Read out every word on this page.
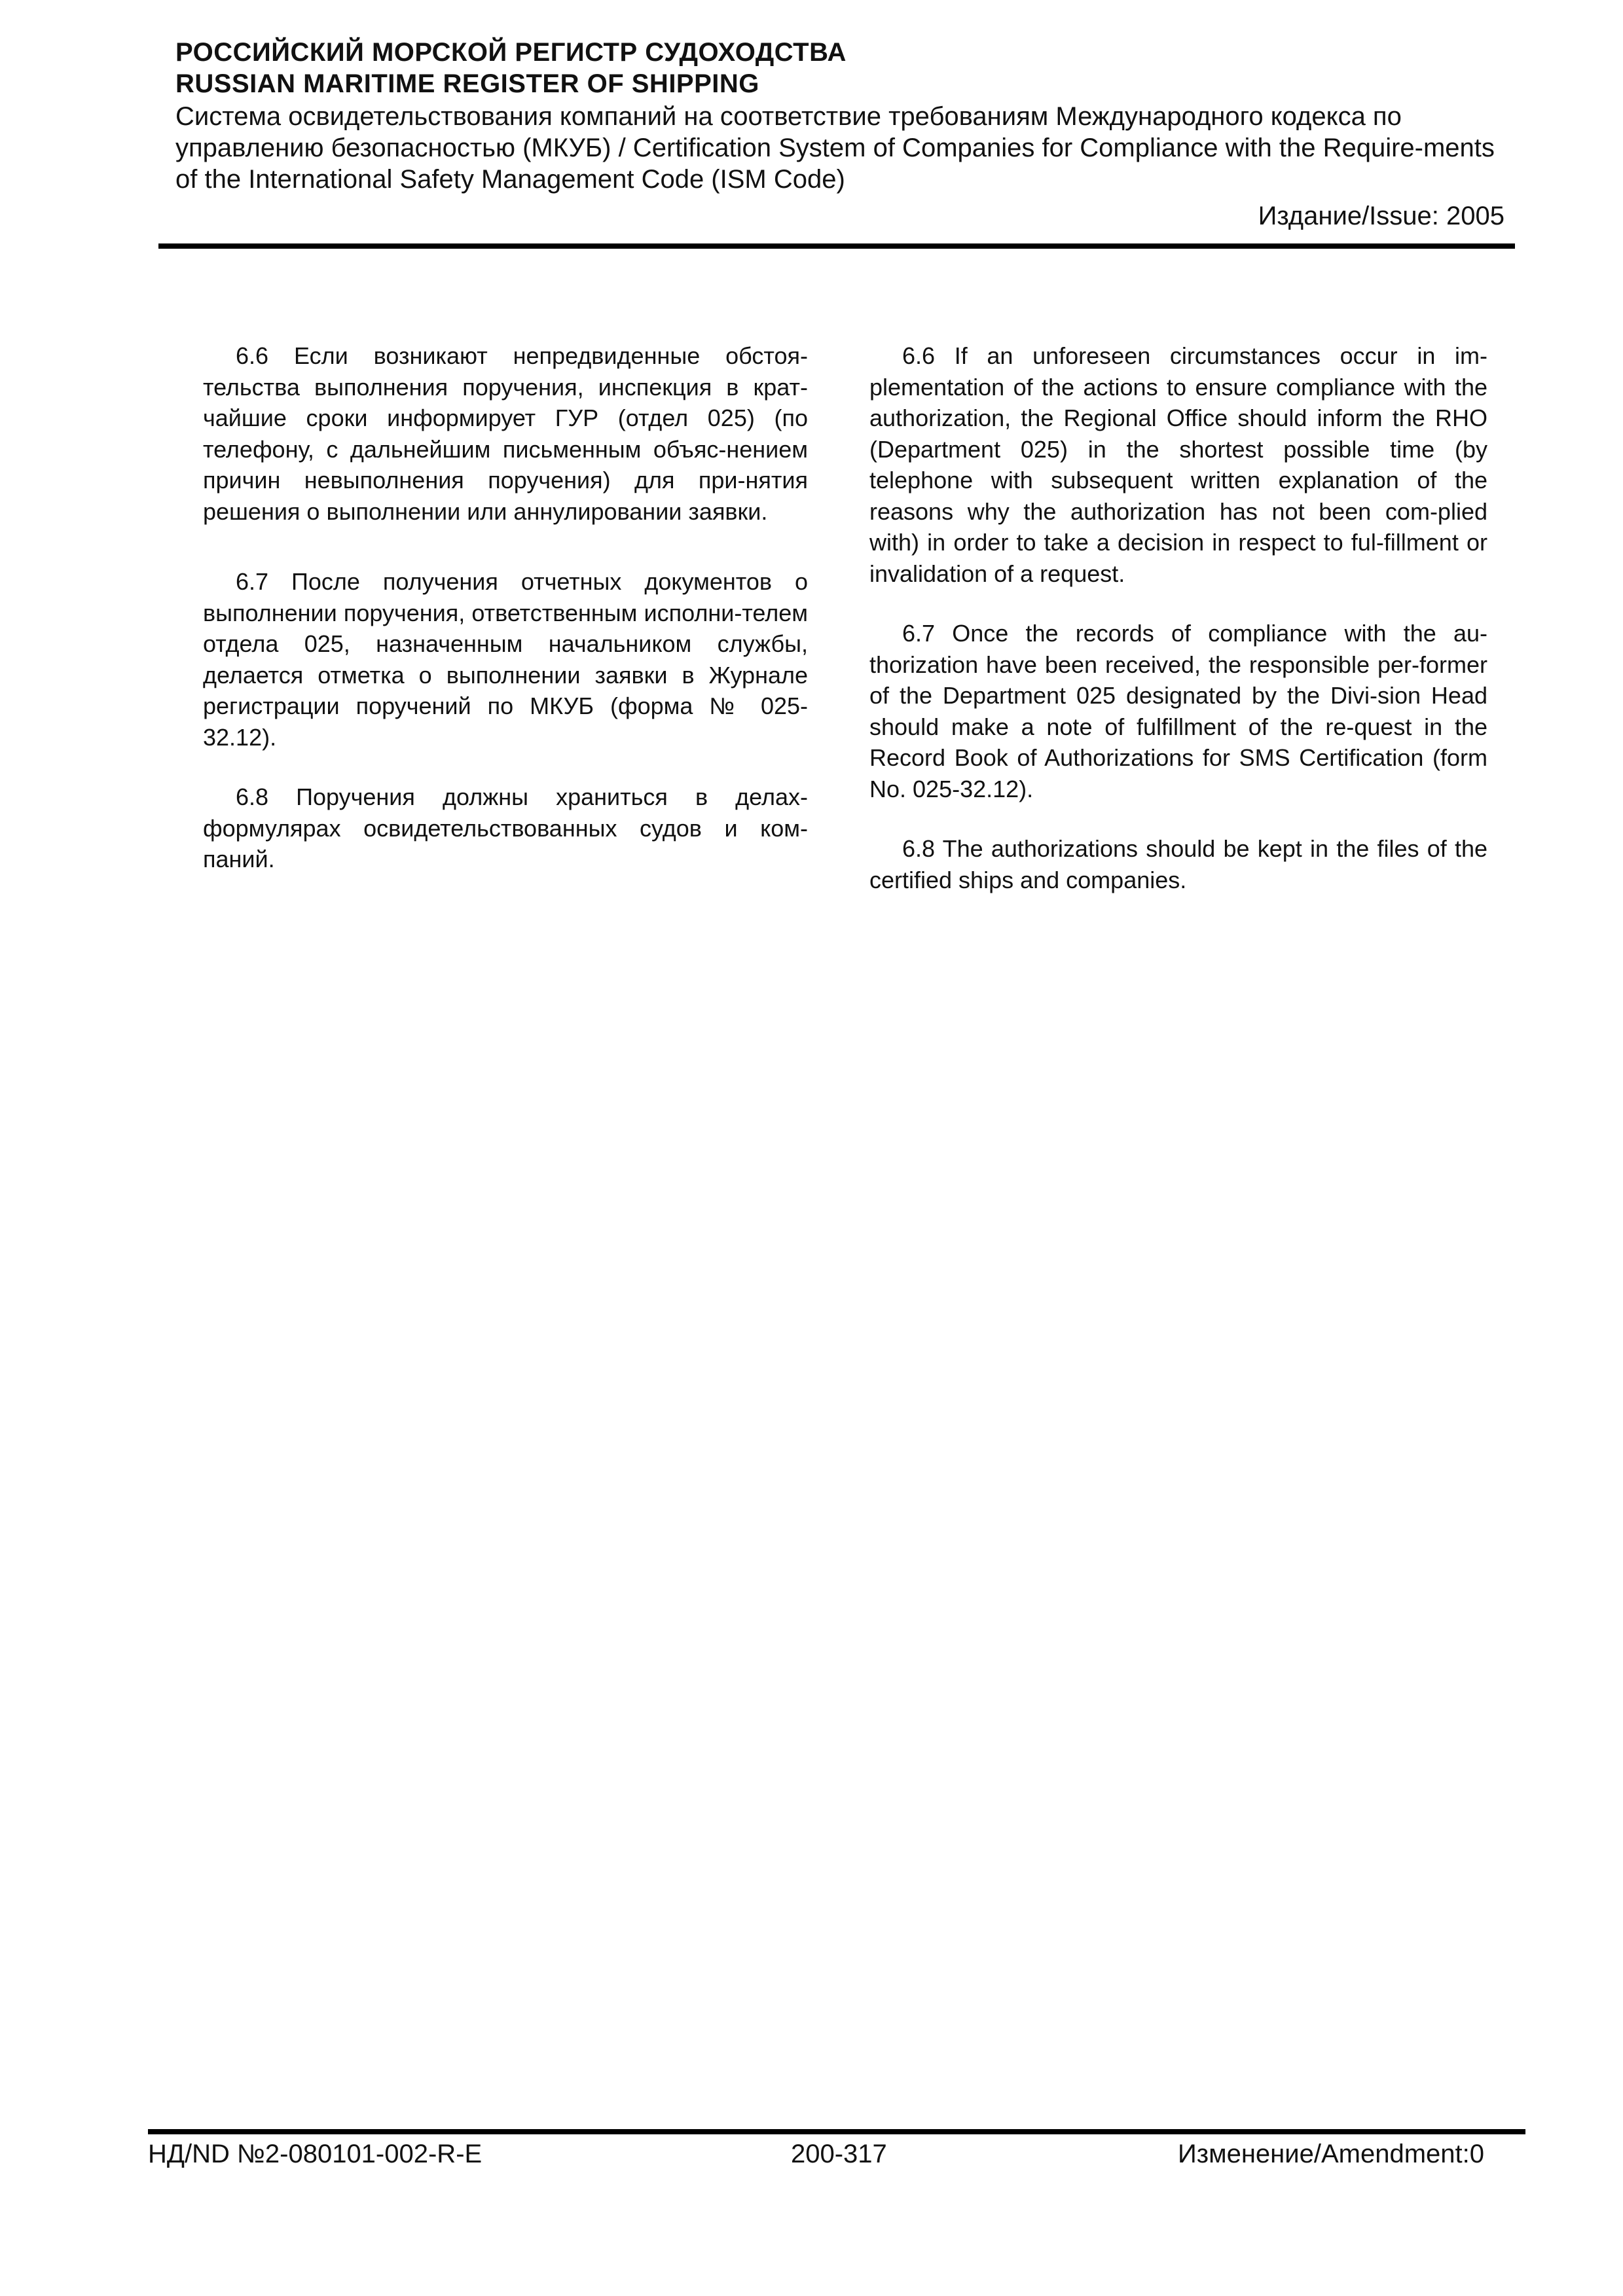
РОССИЙСКИЙ МОРСКОЙ РЕГИСТР СУДОХОДСТВА
RUSSIAN MARITIME REGISTER OF SHIPPING
Система освидетельствования компаний на соответствие требованиям Международного кодекса по управлению безопасностью (МКУБ) / Certification System of Companies for Compliance with the Require-ments of the International Safety Management Code (ISM Code)
Издание/Issue: 2005

6.6 Если возникают непредвиденные обстоя-тельства выполнения поручения, инспекция в крат-чайшие сроки информирует ГУР (отдел 025) (по телефону, с дальнейшим письменным объяс-нением причин невыполнения поручения) для при-нятия решения о выполнении или аннулировании заявки.

6.7 После получения отчетных документов о выполнении поручения, ответственным исполни-телем отдела 025, назначенным начальником службы, делается отметка о выполнении заявки в Журнале регистрации поручений по МКУБ (форма № 025-32.12).

6.8 Поручения должны храниться в делах-формулярах освидетельствованных судов и ком-паний.

6.6 If an unforeseen circumstances occur in im-plementation of the actions to ensure compliance with the authorization, the Regional Office should inform the RHO (Department 025) in the shortest possible time (by telephone with subsequent written explanation of the reasons why the authorization has not been com-plied with) in order to take a decision in respect to ful-fillment or invalidation of a request.

6.7 Once the records of compliance with the au-thorization have been received, the responsible per-former of the Department 025 designated by the Divi-sion Head should make a note of fulfillment of the re-quest in the Record Book of Authorizations for SMS Certification (form No. 025-32.12).

6.8 The authorizations should be kept in the files of the certified ships and companies.

НД/ND №2-080101-002-R-E	200-317	Изменение/Amendment:0
